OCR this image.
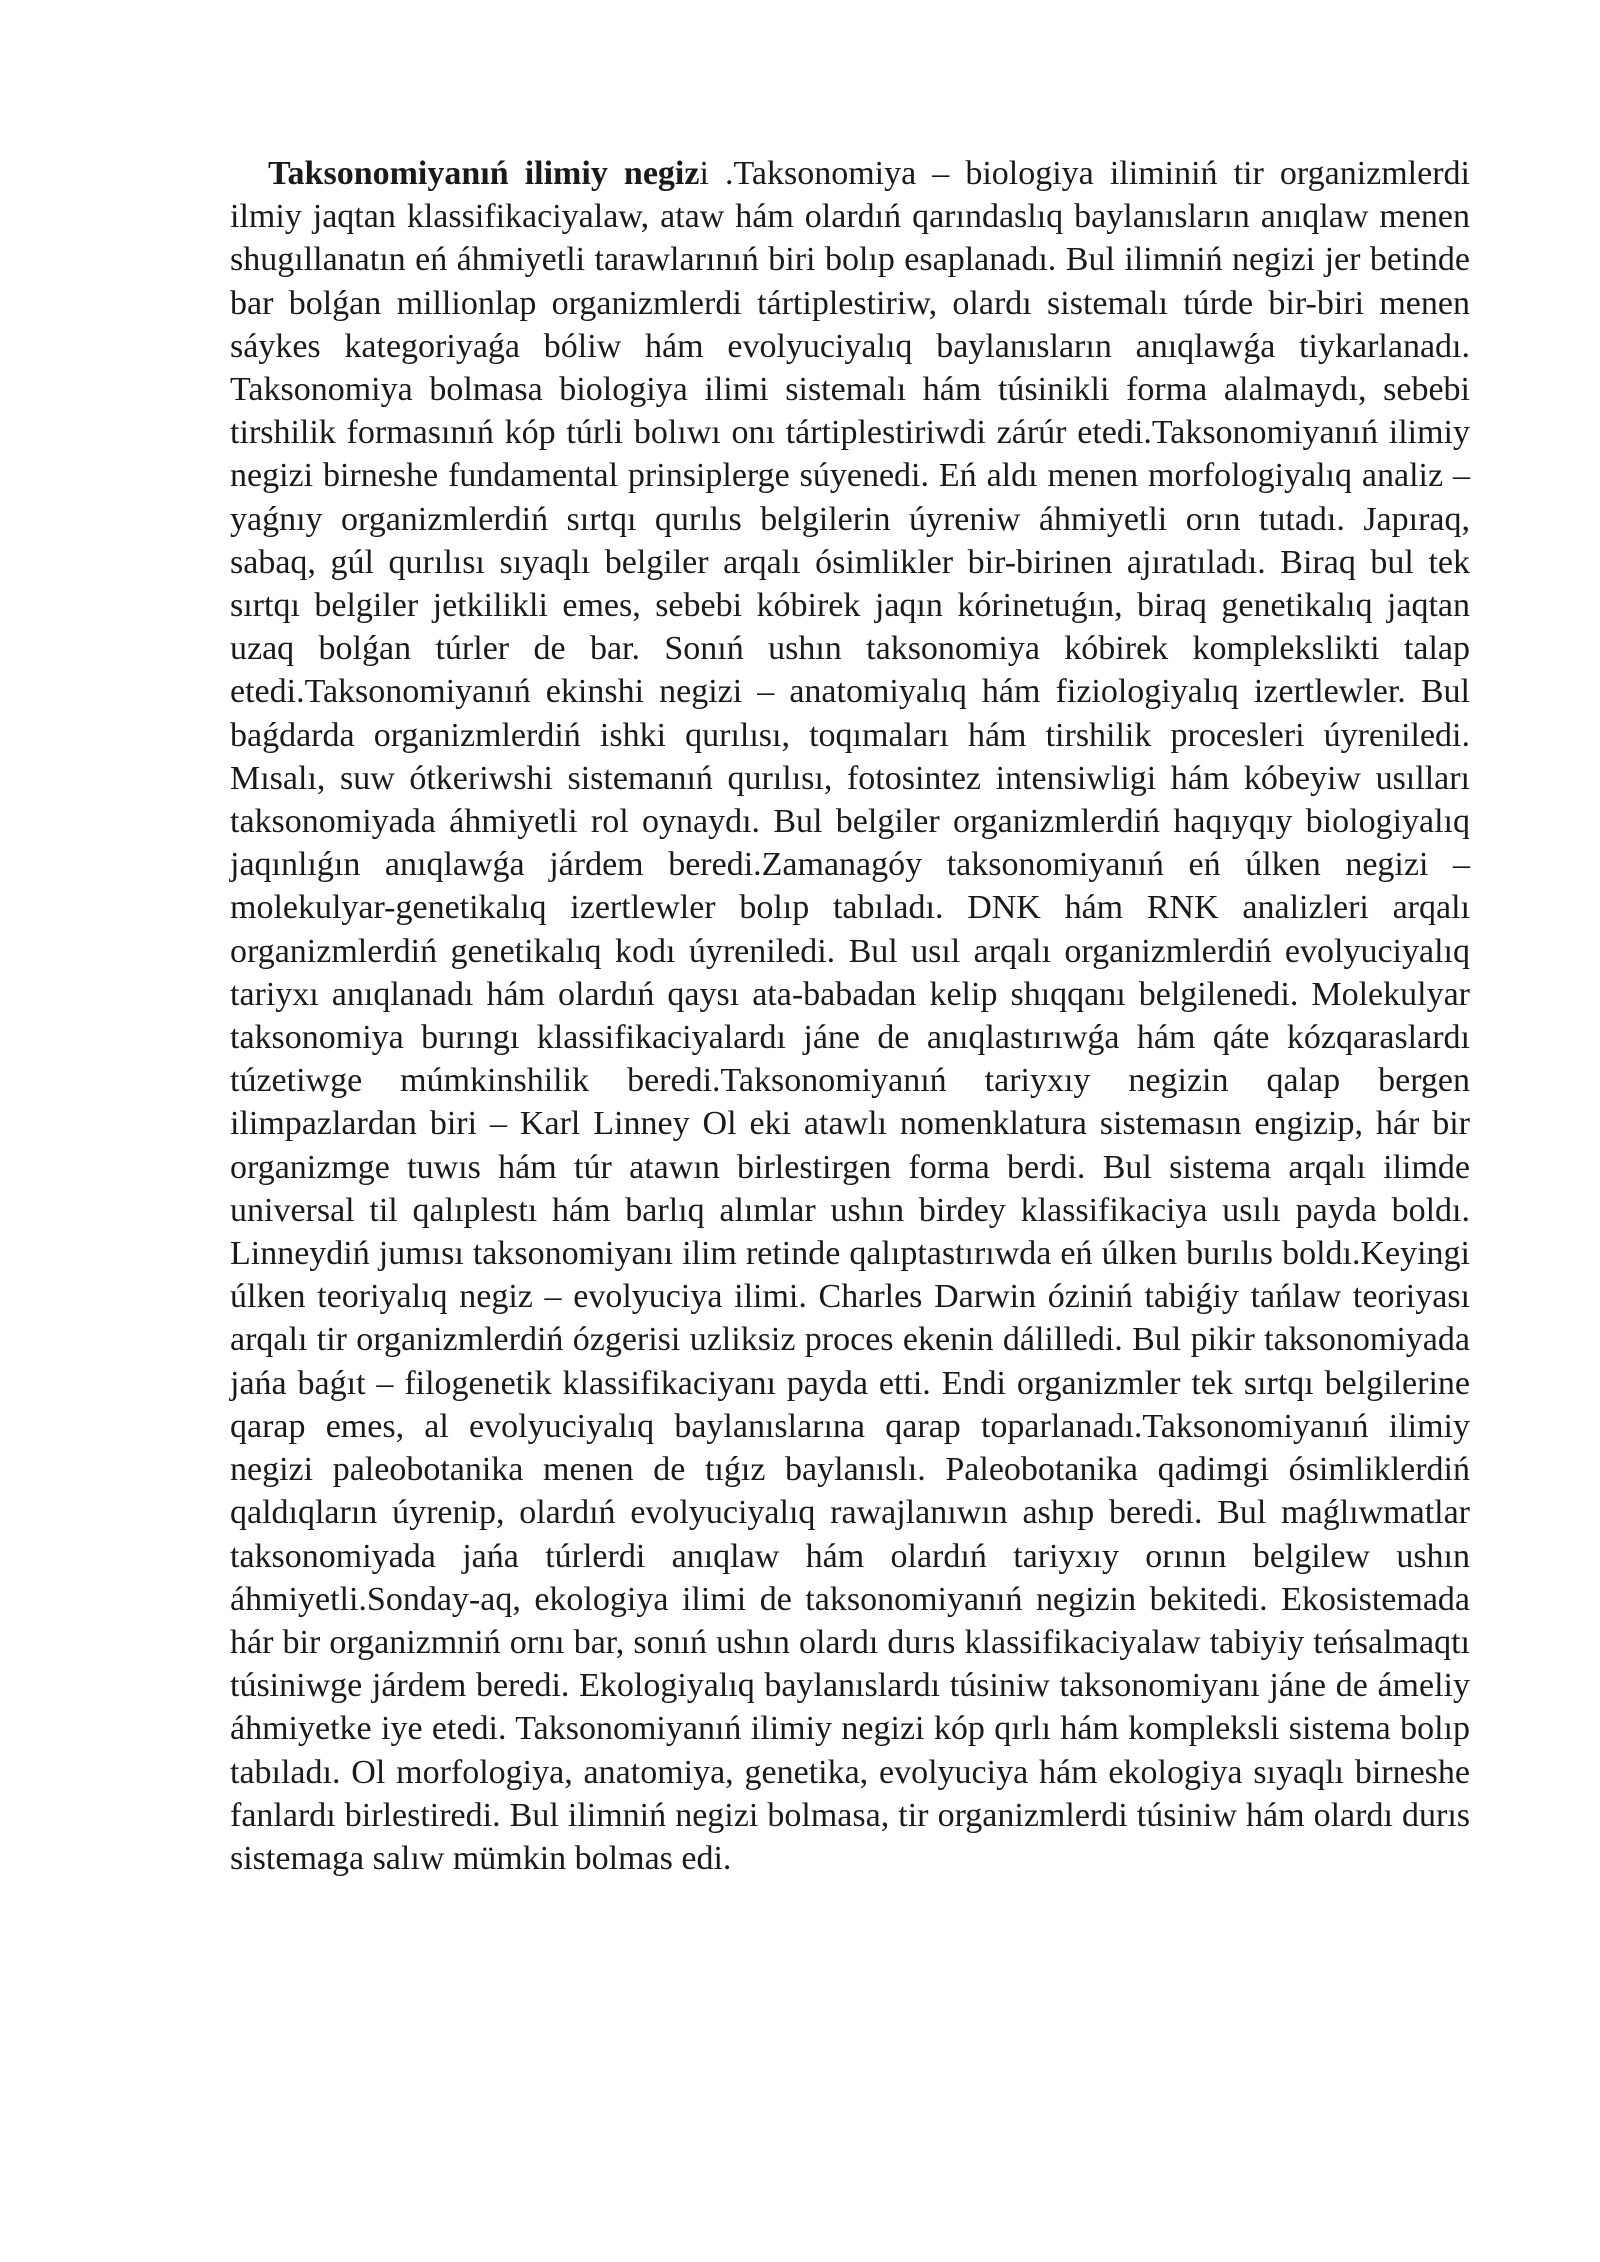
Taksonomiyanıń ilimiy negizi .Taksonomiya – biologiya iliminiń tir organizmlerdi ilmiy jaqtan klassifikaciyalaw, ataw hám olardıń qarındaslıq baylanısların anıqlaw menen shugıllanatın eń áhmiyetli tarawlarınıń biri bolıp esaplanadı. Bul ilimniń negizi jer betinde bar bolǵan millionlap organizmlerdi tártiplestiriw, olardı sistemalı túrde bir-biri menen sáykes kategoriyaǵa bóliw hám evolyuciyalıq baylanısların anıqlawǵa tiykarlanadı. Taksonomiya bolmasa biologiya ilimi sistemalı hám túsinikli forma alalmaydı, sebebi tirshilik formasınıń kóp túrli bolıwı onı tártiplestiriwdi zárúr etedi.Taksonomiyanıń ilimiy negizi birneshe fundamental prinsiplerge súyenedi. Eń aldı menen morfologiyalıq analiz – yaǵnıy organizmlerdiń sırtqı qurılıs belgilerin úyreniw áhmiyetli orın tutadı. Japıraq, sabaq, gúl qurılısı sıyaqlı belgiler arqalı ósimlikler bir-birinen ajıratıladı. Biraq bul tek sırtqı belgiler jetkilikli emes, sebebi kóbirek jaqın kórinetuǵın, biraq genetikalıq jaqtan uzaq bolǵan túrler de bar. Sonıń ushın taksonomiya kóbirek komplekslikti talap etedi.Taksonomiyanıń ekinshi negizi – anatomiyalıq hám fiziologiyalıq izertlewler. Bul baǵdarda organizmlerdiń ishki qurılısı, toqımaları hám tirshilik procesleri úyreniledi. Mısalı, suw ótkeriwshi sistemanıń qurılısı, fotosintez intensiwligi hám kóbeyiw usılları taksonomiyada áhmiyetli rol oynaydı. Bul belgiler organizmlerdiń haqıyqıy biologiyalıq jaqınlıǵın anıqlawǵa járdem beredi.Zamanagóy taksonomiyanıń eń úlken negizi – molekulyar-genetikalıq izertlewler bolıp tabıladı. DNK hám RNK analizleri arqalı organizmlerdiń genetikalıq kodı úyreniledi. Bul usıl arqalı organizmlerdiń evolyuciyalıq tariyxı anıqlanadı hám olardıń qaysı ata-babadan kelip shıqqanı belgilenedi. Molekulyar taksonomiya burıngı klassifikaciyalardı jáne de anıqlastırıwǵa hám qáte kózqaraslardı túzetiwge múmkinshilik beredi.Taksonomiyanıń tariyxıy negizin qalap bergen ilimpazlardan biri – Karl Linney Ol eki atawlı nomenklatura sistemasın engizip, hár bir organizmge tuwıs hám túr atawın birlestirgen forma berdi. Bul sistema arqalı ilimde universal til qalıplestı hám barlıq alımlar ushın birdey klassifikaciya usılı payda boldı. Linneydiń jumısı taksonomiyanı ilim retinde qalıptastırıwda eń úlken burılıs boldı.Keyingi úlken teoriyalıq negiz – evolyuciya ilimi. Charles Darwin óziniń tabiǵiy tańlaw teoriyası arqalı tir organizmlerdiń ózgerisi uzliksiz proces ekenin dálilledi. Bul pikir taksonomiyada jańa baǵıt – filogenetik klassifikaciyanı payda etti. Endi organizmler tek sırtqı belgilerine qarap emes, al evolyuciyalıq baylanıslarına qarap toparlanadı.Taksonomiyanıń ilimiy negizi paleobotanika menen de tıǵız baylanıslı. Paleobotanika qadimgi ósimliklerdiń qaldıqların úyrenip, olardıń evolyuciyalıq rawajlanıwın ashıp beredi. Bul maǵlıwmatlar taksonomiyada jańa túrlerdi anıqlaw hám olardıń tariyxıy orının belgilew ushın áhmiyetli.Sonday-aq, ekologiya ilimi de taksonomiyanıń negizin bekitedi. Ekosistemada hár bir organizmniń ornı bar, sonıń ushın olardı durıs klassifikaciyalaw tabiyiy teńsalmaqtı túsiniwge járdem beredi. Ekologiyalıq baylanıslardı túsiniw taksonomiyanı jáne de ámeliy áhmiyetke iye etedi. Taksonomiyanıń ilimiy negizi kóp qırlı hám kompleksli sistema bolıp tabıladı. Ol morfologiya, anatomiya, genetika, evolyuciya hám ekologiya sıyaqlı birneshe fanlardı birlestiredi. Bul ilimniń negizi bolmasa, tir organizmlerdi túsiniw hám olardı durıs sistemaga salıw mümkin bolmas edi.
